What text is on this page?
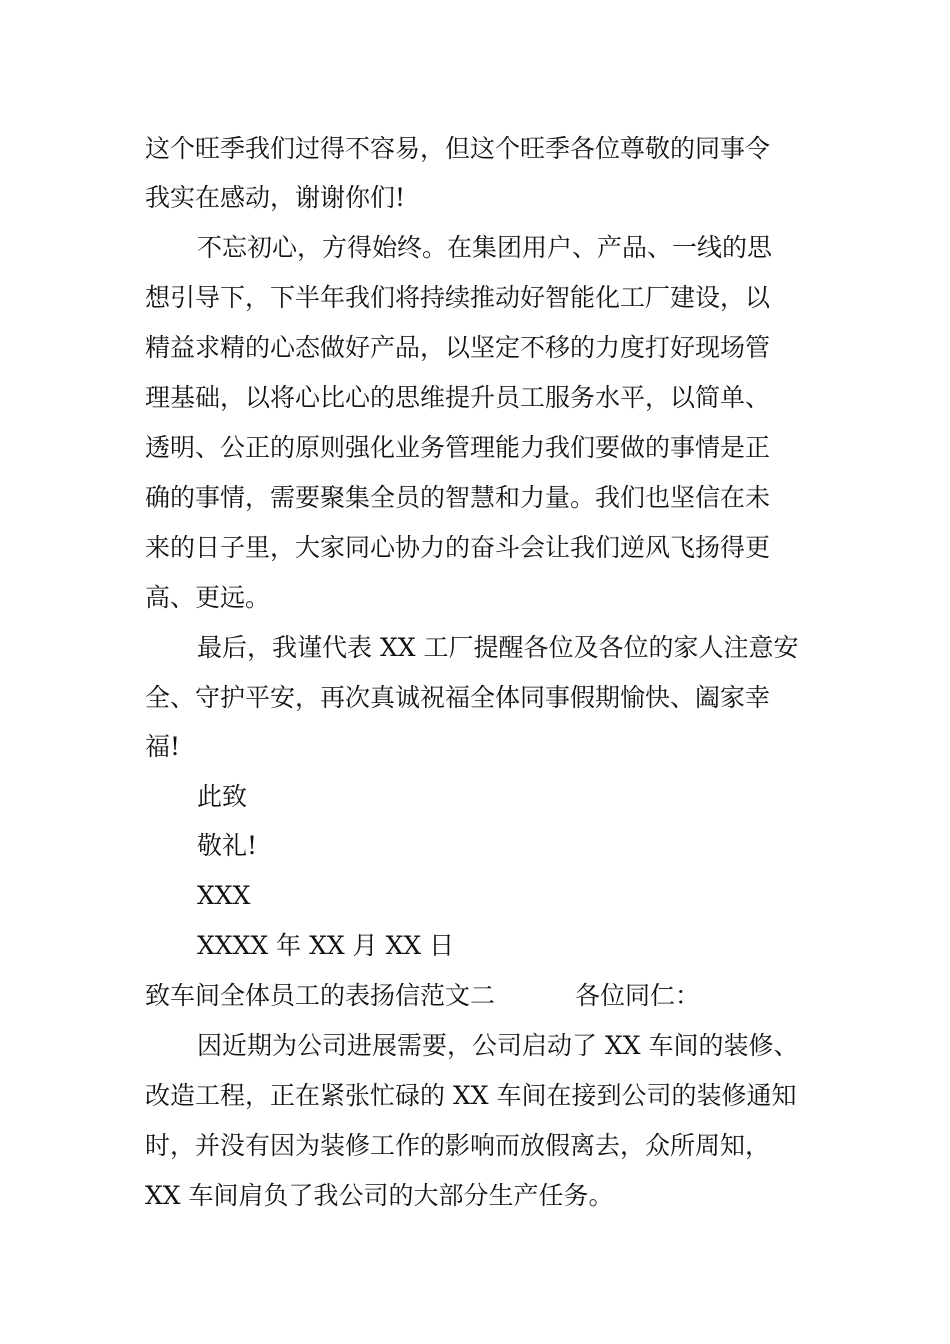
这个旺季我们过得不容易，但这个旺季各位尊敬的同事令
我实在感动，谢谢你们!
不忘初心，方得始终。在集团用户、产品、一线的思
想引导下，下半年我们将持续推动好智能化工厂建设，以
精益求精的心态做好产品，以坚定不移的力度打好现场管
理基础，以将心比心的思维提升员工服务水平，以简单、
透明、公正的原则强化业务管理能力我们要做的事情是正
确的事情，需要聚集全员的智慧和力量。我们也坚信在未
来的日子里，大家同心协力的奋斗会让我们逆风飞扬得更
高、更远。
最后，我谨代表 XX 工厂提醒各位及各位的家人注意安
全、守护平安，再次真诚祝福全体同事假期愉快、阖家幸
福!
此致
敬礼!
XXX
XXXX 年 XX 月 XX 日
致车间全体员工的表扬信范文二	各位同仁：
因近期为公司进展需要，公司启动了 XX 车间的装修、
改造工程，正在紧张忙碌的 XX 车间在接到公司的装修通知
时，并没有因为装修工作的影响而放假离去，众所周知，
XX 车间肩负了我公司的大部分生产任务。
